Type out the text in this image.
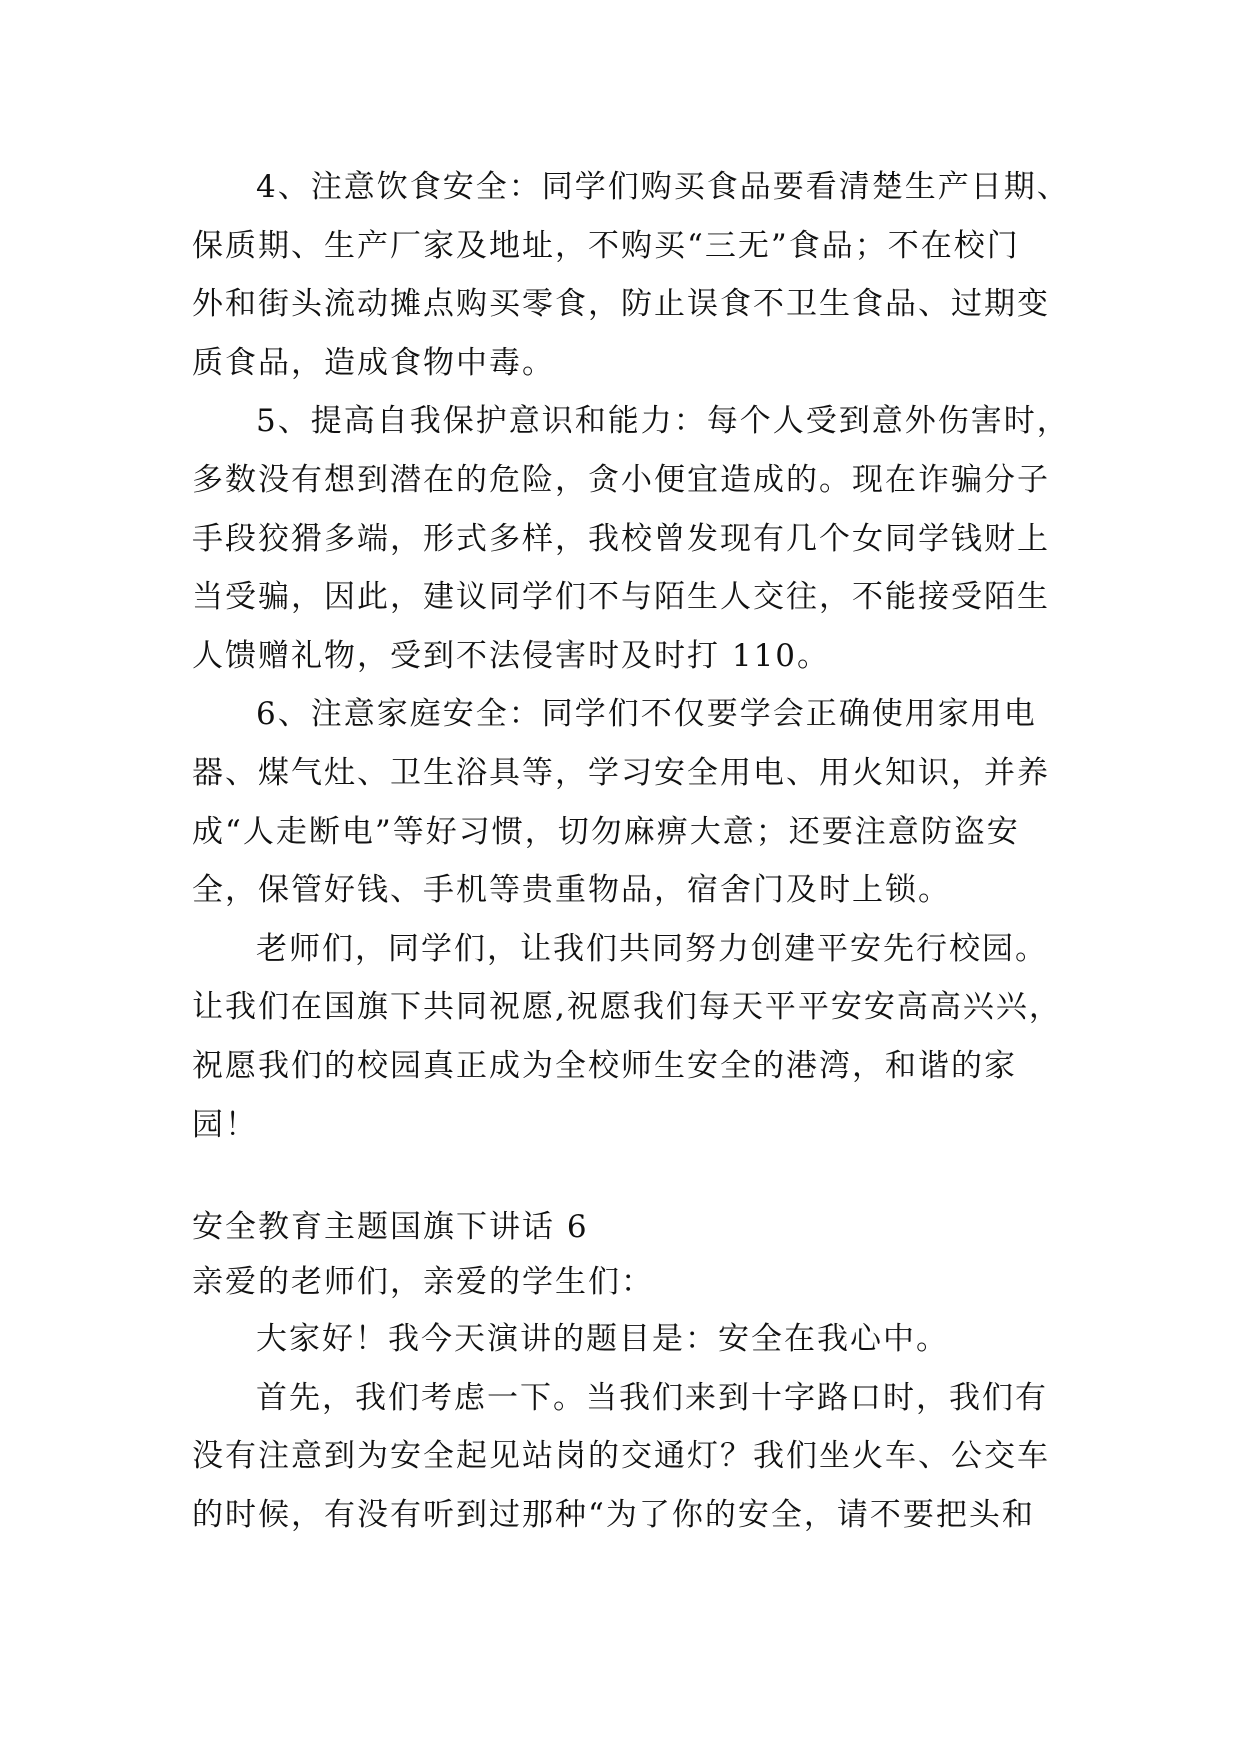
4、注意饮食安全：同学们购买食品要看清楚生产日期、
保质期、生产厂家及地址，不购买“三无”食品；不在校门
外和街头流动摊点购买零食，防止误食不卫生食品、过期变
质食品，造成食物中毒。
5、提高自我保护意识和能力：每个人受到意外伤害时，
多数没有想到潜在的危险，贪小便宜造成的。现在诈骗分子
手段狡猾多端，形式多样，我校曾发现有几个女同学钱财上
当受骗，因此，建议同学们不与陌生人交往，不能接受陌生
人馈赠礼物，受到不法侵害时及时打 110。
6、注意家庭安全：同学们不仅要学会正确使用家用电
器、煤气灶、卫生浴具等，学习安全用电、用火知识，并养
成“人走断电”等好习惯，切勿麻痹大意；还要注意防盗安
全，保管好钱、手机等贵重物品，宿舍门及时上锁。
老师们，同学们，让我们共同努力创建平安先行校园。
让我们在国旗下共同祝愿,祝愿我们每天平平安安高高兴兴，
祝愿我们的校园真正成为全校师生安全的港湾，和谐的家
园！
安全教育主题国旗下讲话 6
亲爱的老师们，亲爱的学生们：
大家好！我今天演讲的题目是：安全在我心中。
首先，我们考虑一下。当我们来到十字路口时，我们有
没有注意到为安全起见站岗的交通灯？我们坐火车、公交车
的时候，有没有听到过那种“为了你的安全，请不要把头和
